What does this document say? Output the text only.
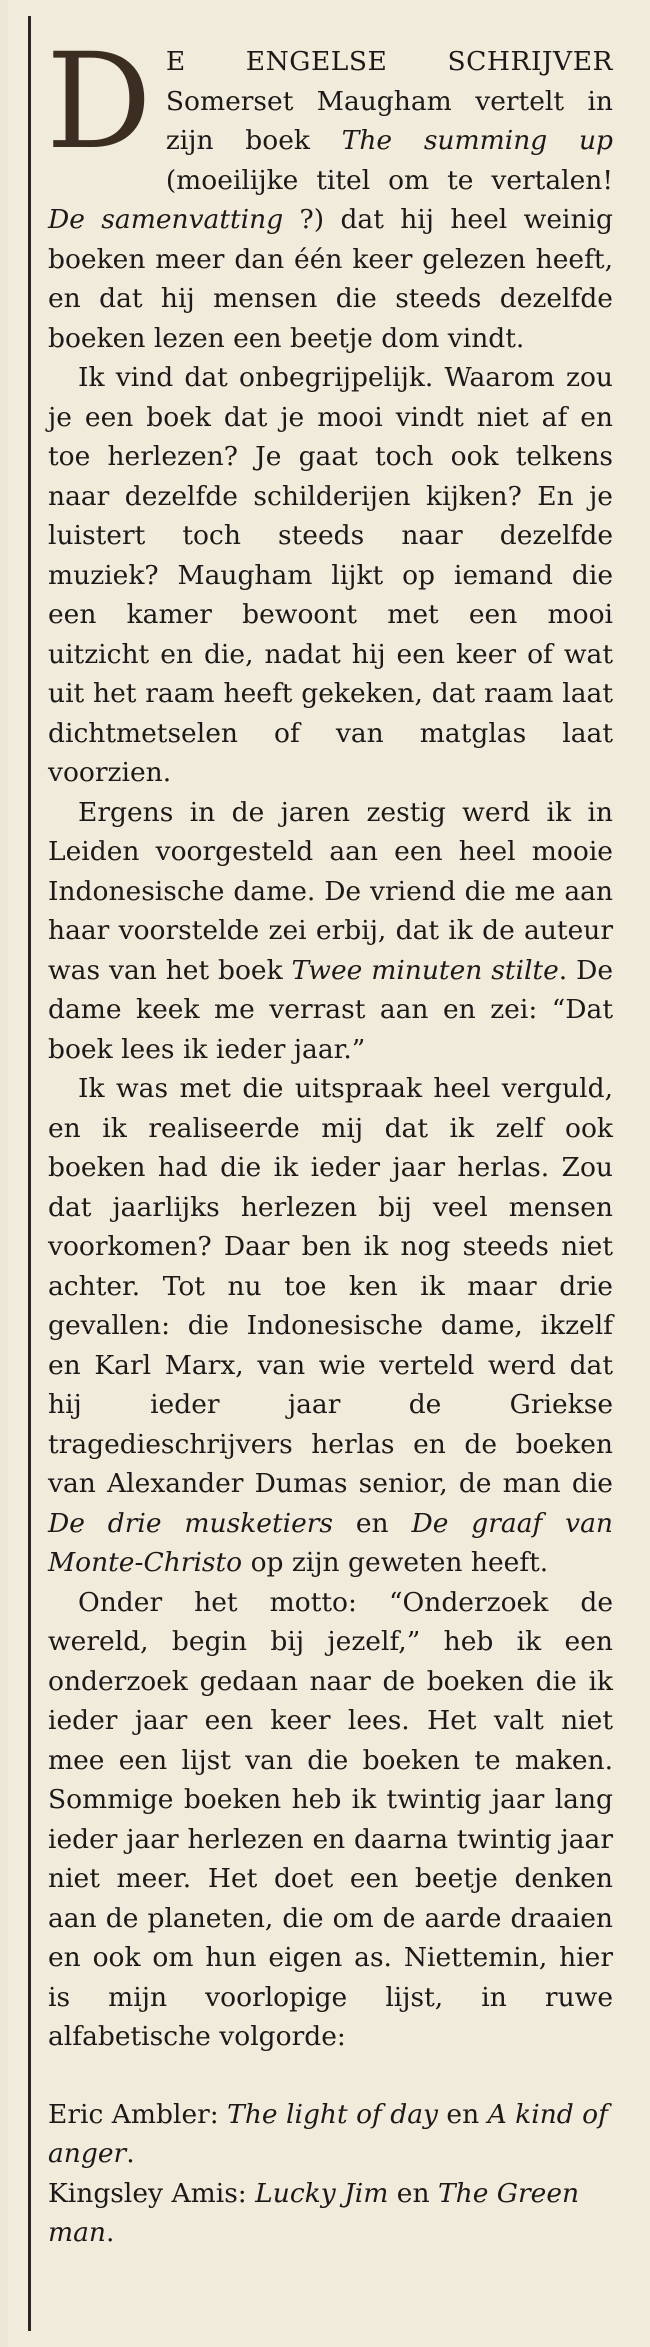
D E ENGELSE SCHRIJVER Somerset Maugham vertelt in zijn boek The summing up (moeilijke titel om te vertalen! De samenvatting ?) dat hij heel weinig boeken meer dan één keer gelezen heeft, en dat hij mensen die steeds dezelfde boeken lezen een beetje dom vindt.

Ik vind dat onbegrijpelijk. Waarom zou je een boek dat je mooi vindt niet af en toe herlezen? Je gaat toch ook telkens naar dezelfde schilderijen kijken? En je luistert toch steeds naar dezelfde muziek? Maugham lijkt op iemand die een kamer bewoont met een mooi uitzicht en die, nadat hij een keer of wat uit het raam heeft gekeken, dat raam laat dichtmetselen of van matglas laat voorzien.

Ergens in de jaren zestig werd ik in Leiden voorgesteld aan een heel mooie Indonesische dame. De vriend die me aan haar voorstelde zei erbij, dat ik de auteur was van het boek Twee minuten stilte. De dame keek me verrast aan en zei: “Dat boek lees ik ieder jaar.”

Ik was met die uitspraak heel verguld, en ik realiseerde mij dat ik zelf ook boeken had die ik ieder jaar herlas. Zou dat jaarlijks herlezen bij veel mensen voorkomen? Daar ben ik nog steeds niet achter. Tot nu toe ken ik maar drie gevallen: die Indonesische dame, ikzelf en Karl Marx, van wie verteld werd dat hij ieder jaar de Griekse tragedieschrijvers herlas en de boeken van Alexander Dumas senior, de man die De drie musketiers en De graaf van Monte-Christo op zijn geweten heeft.

Onder het motto: “Onderzoek de wereld, begin bij jezelf,” heb ik een onderzoek gedaan naar de boeken die ik ieder jaar een keer lees. Het valt niet mee een lijst van die boeken te maken. Sommige boeken heb ik twintig jaar lang ieder jaar herlezen en daarna twintig jaar niet meer. Het doet een beetje denken aan de planeten, die om de aarde draaien en ook om hun eigen as. Niettemin, hier is mijn voorlopige lijst, in ruwe alfabetische volgorde:

Eric Ambler: The light of day en A kind of anger.

Kingsley Amis: Lucky Jim en The Green man.
